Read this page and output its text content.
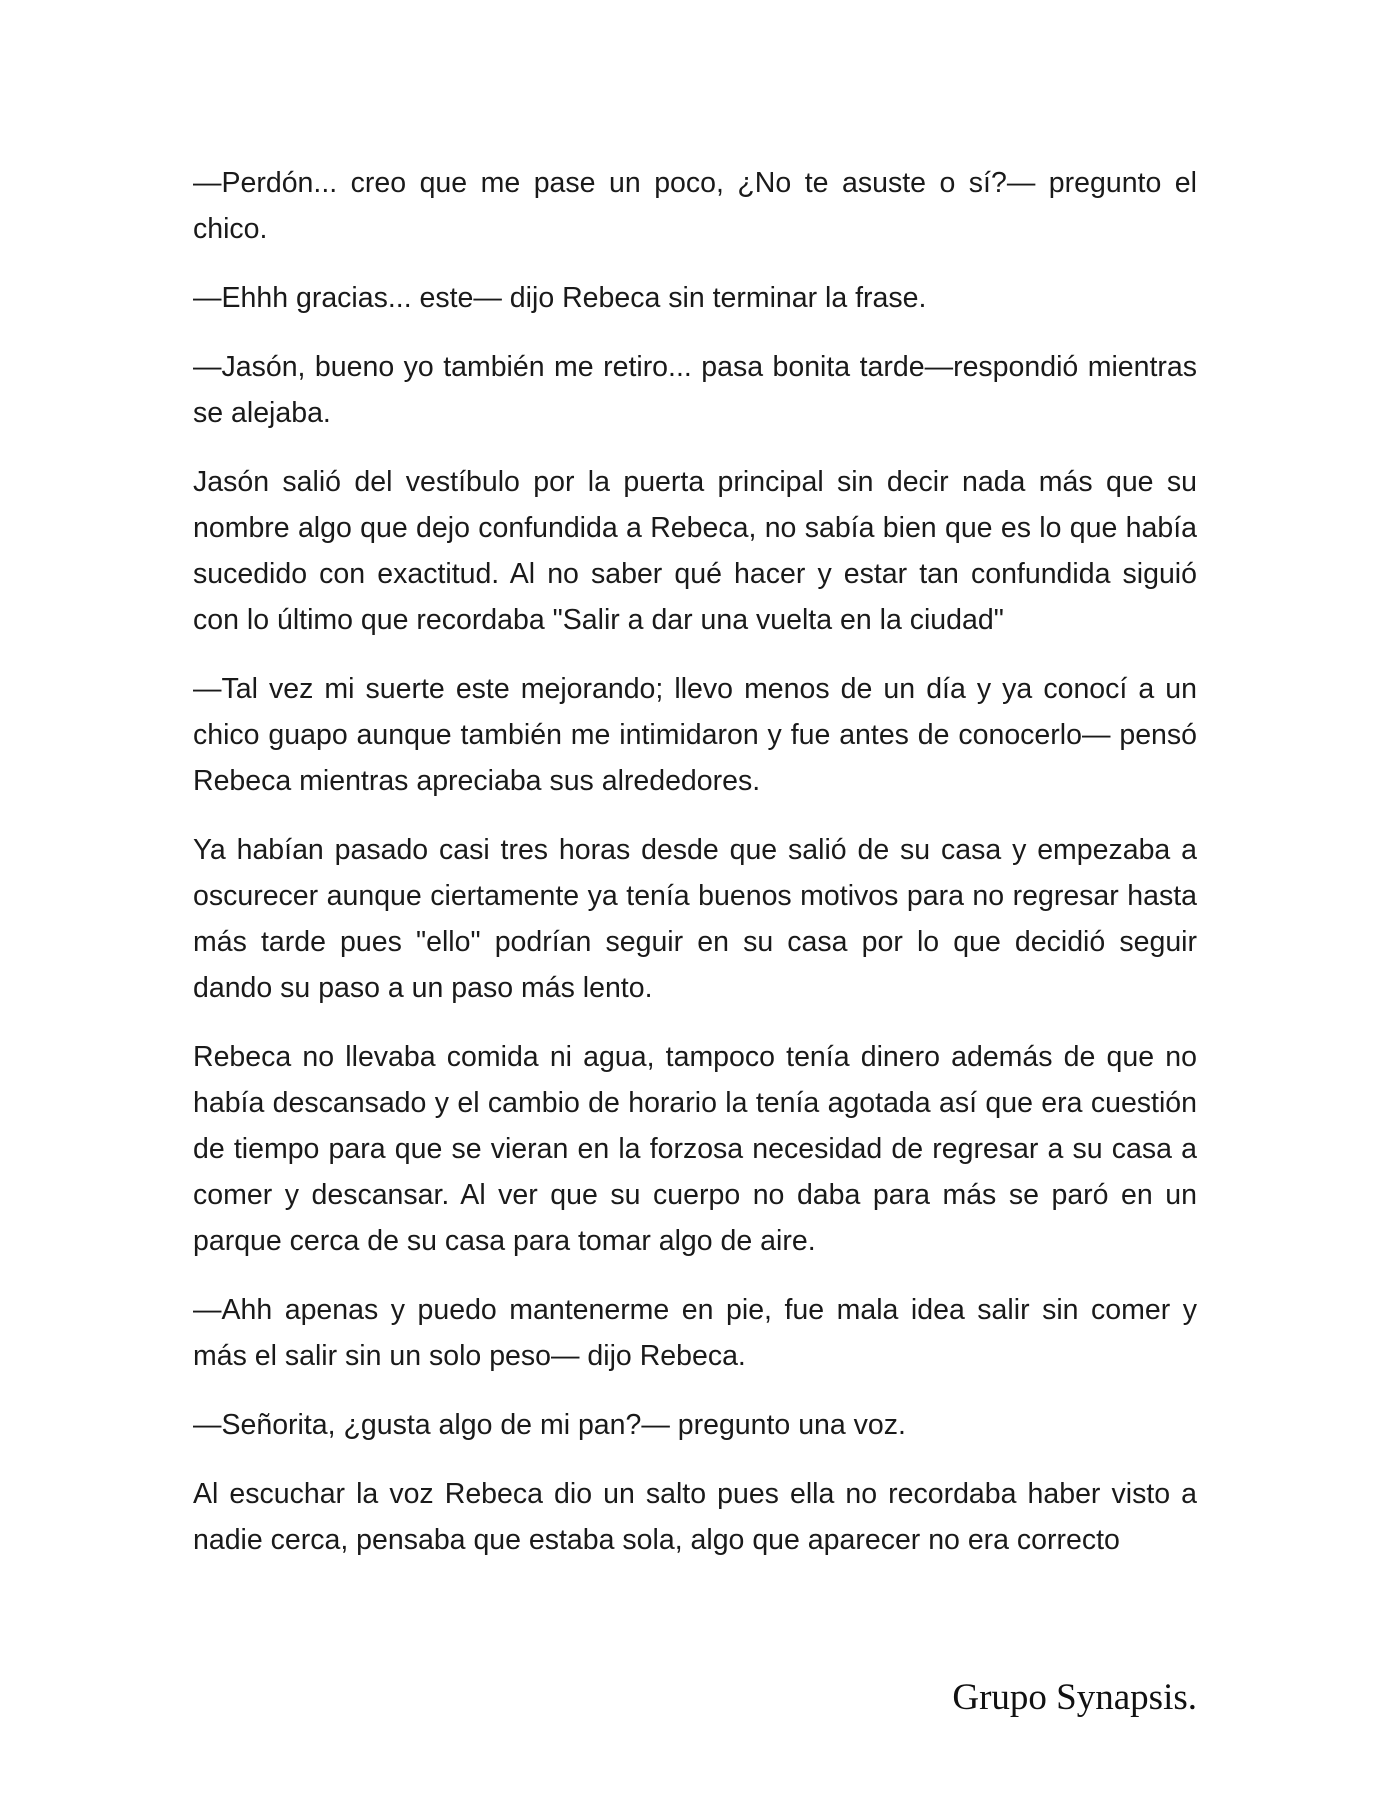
—Perdón... creo que me pase un poco, ¿No te asuste o sí?— pregunto el chico.

—Ehhh gracias... este— dijo Rebeca sin terminar la frase.

—Jasón, bueno yo también me retiro... pasa bonita tarde—respondió mientras se alejaba.

Jasón salió del vestíbulo por la puerta principal sin decir nada más que su nombre algo que dejo confundida a Rebeca, no sabía bien que es lo que había sucedido con exactitud. Al no saber qué hacer y estar tan confundida siguió con lo último que recordaba "Salir a dar una vuelta en la ciudad"

—Tal vez mi suerte este mejorando; llevo menos de un día y ya conocí a un chico guapo aunque también me intimidaron y fue antes de conocerlo— pensó Rebeca mientras apreciaba sus alrededores.

Ya habían pasado casi tres horas desde que salió de su casa y empezaba a oscurecer aunque ciertamente ya tenía buenos motivos para no regresar hasta más tarde pues "ello" podrían seguir en su casa por lo que decidió seguir dando su paso a un paso más lento.

Rebeca no llevaba comida ni agua, tampoco tenía dinero además de que no había descansado y el cambio de horario la tenía agotada así que era cuestión de tiempo para que se vieran en la forzosa necesidad de regresar a su casa a comer y descansar. Al ver que su cuerpo no daba para más se paró en un parque cerca de su casa para tomar algo de aire.

—Ahh apenas y puedo mantenerme en pie, fue mala idea salir sin comer y más el salir sin un solo peso— dijo Rebeca.

—Señorita, ¿gusta algo de mi pan?— pregunto una voz.

Al escuchar la voz Rebeca dio un salto pues ella no recordaba haber visto a nadie cerca, pensaba que estaba sola, algo que aparecer no era correcto

Grupo Synapsis.
